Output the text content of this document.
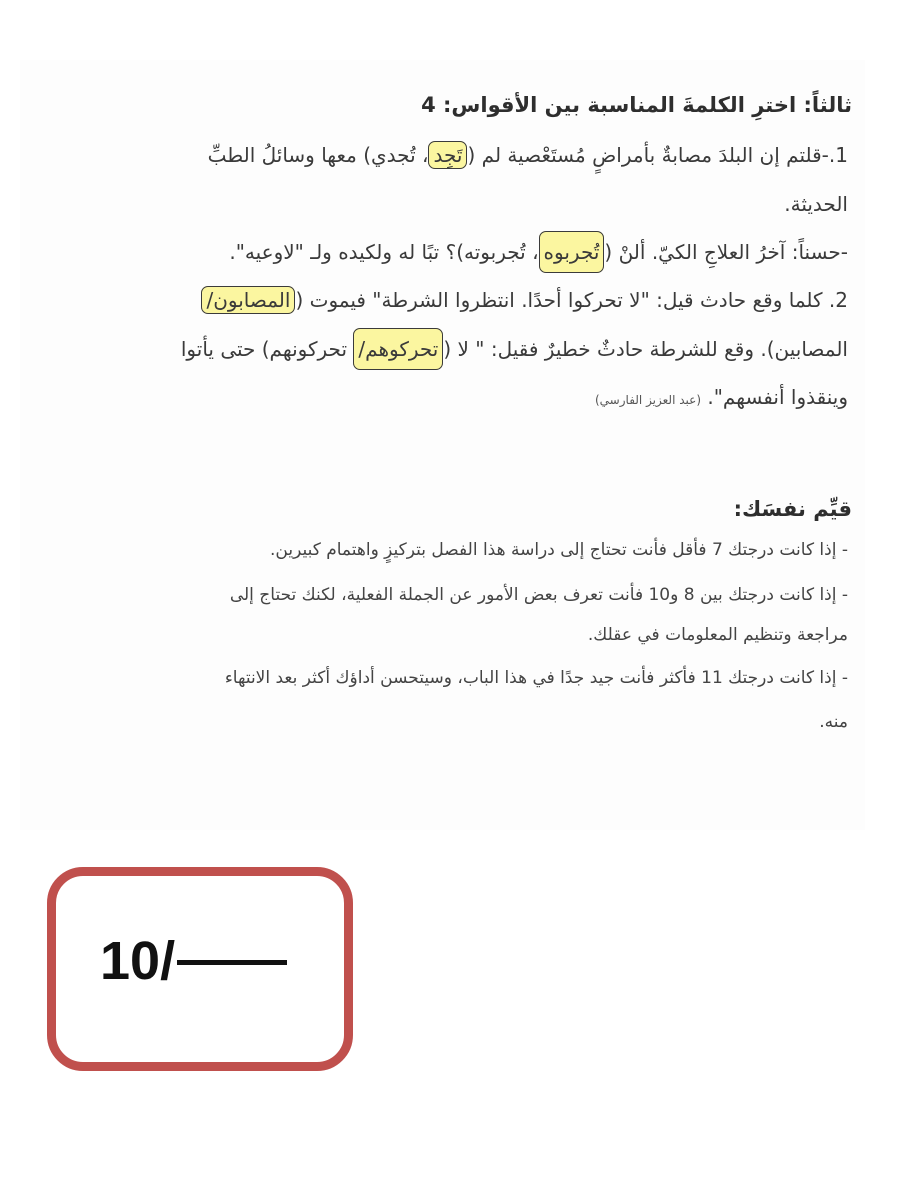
ثالثاً: اخترِ الكلمةَ المناسبة بين الأقواس: 4
1.-قلتم إن البلدَ مصابةٌ بأمراضٍ مُستَعْصية لم (تَجِد، تُجدي) معها وسائلُ الطبِّ
الحديثة.
-حسناً: آخرُ العلاجِ الكيّ. ألنْ (تُجربوه، تُجربوته)؟ تبًا له ولكيده ولـ "لاوعيه".
2. كلما وقع حادث قيل: "لا تحركوا أحدًا. انتظروا الشرطة" فيموت (المصابون/
المصابين). وقع للشرطة حادثٌ خطيرٌ فقيل: " لا (تحركوهم/ تحركونهم) حتى يأتوا
وينقذوا أنفسهم". (عبد العزيز الفارسي)
قيِّم نفسَك:
- إذا كانت درجتك 7 فأقل فأنت تحتاج إلى دراسة هذا الفصل بتركيزٍ واهتمام كبيرين.
- إذا كانت درجتك بين 8 و10 فأنت تعرف بعض الأمور عن الجملة الفعلية، لكنك تحتاج إلى
مراجعة وتنظيم المعلومات في عقلك.
- إذا كانت درجتك 11 فأكثر فأنت جيد جدًا في هذا الباب، وسيتحسن أداؤك أكثر بعد الانتهاء
منه.
10/
